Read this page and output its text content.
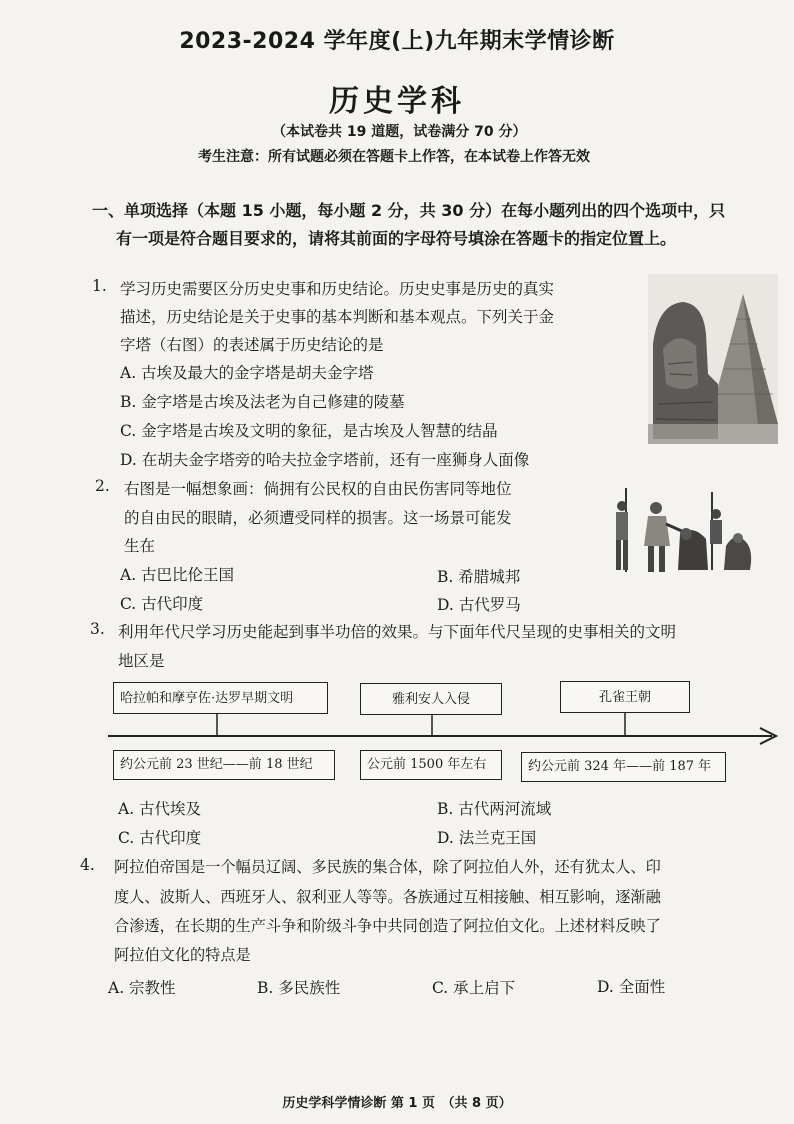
2023-2024 学年度(上)九年期末学情诊断
历史学科
（本试卷共 19 道题，试卷满分 70 分）
考生注意：所有试题必须在答题卡上作答，在本试卷上作答无效
一、单项选择（本题 15 小题，每小题 2 分，共 30 分）在每小题列出的四个选项中，只
有一项是符合题目要求的，请将其前面的字母符号填涂在答题卡的指定位置上。
1. 学习历史需要区分历史史事和历史结论。历史史事是历史的真实
描述，历史结论是关于史事的基本判断和基本观点。下列关于金
字塔（右图）的表述属于历史结论的是
A. 古埃及最大的金字塔是胡夫金字塔
B. 金字塔是古埃及法老为自己修建的陵墓
C. 金字塔是古埃及文明的象征，是古埃及人智慧的结晶
D. 在胡夫金字塔旁的哈夫拉金字塔前，还有一座狮身人面像
2. 右图是一幅想象画：倘拥有公民权的自由民伤害同等地位
的自由民的眼睛，必须遭受同样的损害。这一场景可能发
生在
A. 古巴比伦王国	B. 希腊城邦
C. 古代印度	D. 古代罗马
3. 利用年代尺学习历史能起到事半功倍的效果。与下面年代尺呈现的史事相关的文明
地区是
哈拉帕和摩亨佐·达罗早期文明	雅利安人入侵	孔雀王朝
约公元前 23 世纪——前 18 世纪	公元前 1500 年左右	约公元前 324 年——前 187 年
A. 古代埃及	B. 古代两河流域
C. 古代印度	D. 法兰克王国
4. 阿拉伯帝国是一个幅员辽阔、多民族的集合体，除了阿拉伯人外，还有犹太人、印
度人、波斯人、西班牙人、叙利亚人等等。各族通过互相接触、相互影响，逐渐融
合渗透，在长期的生产斗争和阶级斗争中共同创造了阿拉伯文化。上述材料反映了
阿拉伯文化的特点是
A. 宗教性	B. 多民族性	C. 承上启下	D. 全面性
历史学科学情诊断 第 1 页　（共 8 页）
